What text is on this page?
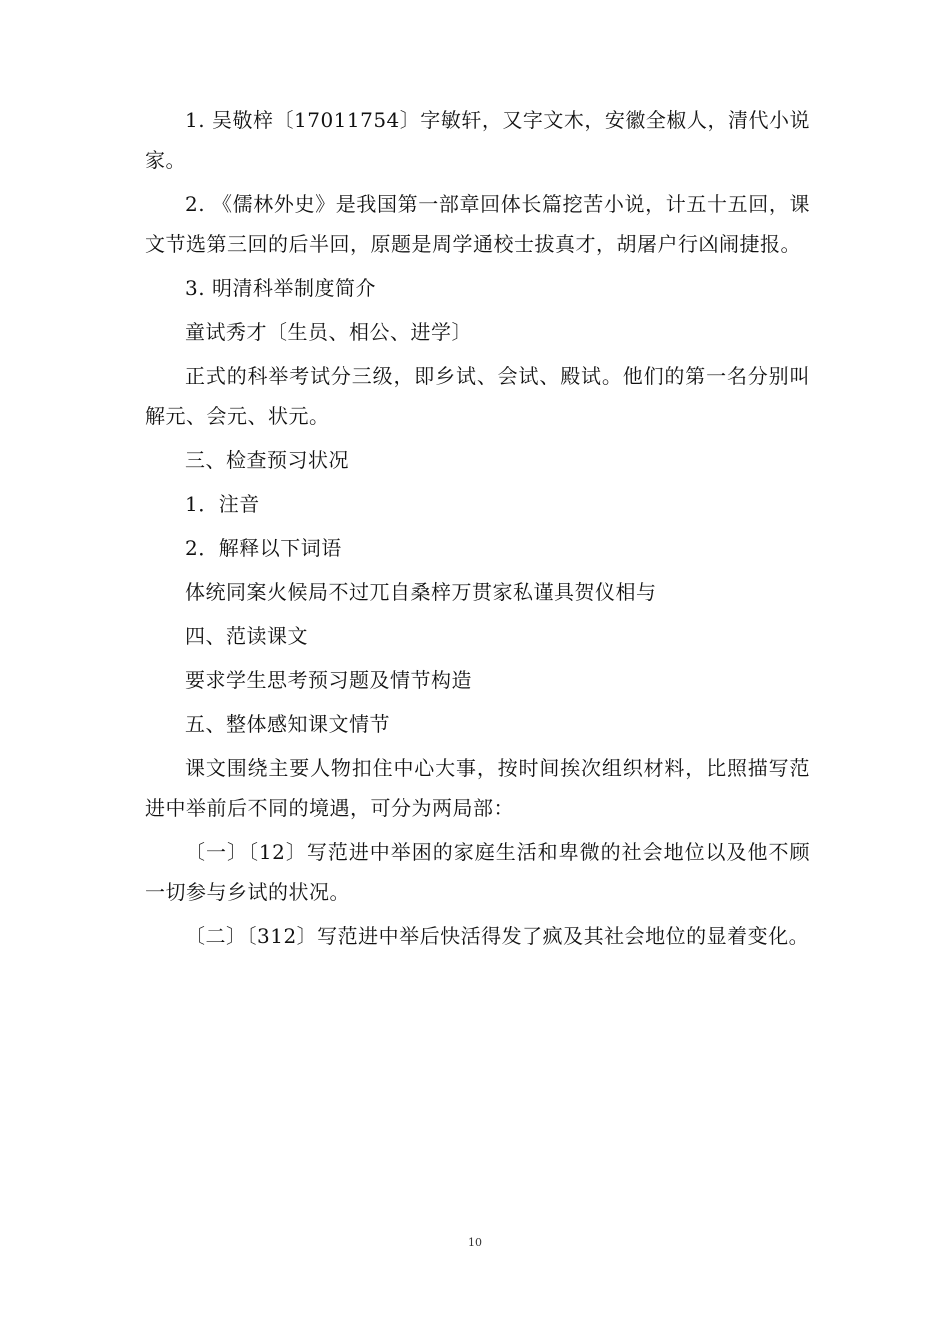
1. 吴敬梓〔17011754〕字敏轩，又字文木，安徽全椒人，清代小说家。

2. 《儒林外史》是我国第一部章回体长篇挖苦小说，计五十五回，课文节选第三回的后半回，原题是周学通校士拔真才，胡屠户行凶闹捷报。

3. 明清科举制度简介

童试秀才〔生员、相公、进学〕

正式的科举考试分三级，即乡试、会试、殿试。他们的第一名分别叫解元、会元、状元。

三、检查预习状况

1．注音

2．解释以下词语

体统同案火候局不过兀自桑梓万贯家私谨具贺仪相与

四、范读课文

要求学生思考预习题及情节构造

五、整体感知课文情节

课文围绕主要人物扣住中心大事，按时间挨次组织材料，比照描写范进中举前后不同的境遇，可分为两局部：

〔一〕〔12〕写范进中举困的家庭生活和卑微的社会地位以及他不顾一切参与乡试的状况。

〔二〕〔312〕写范进中举后快活得发了疯及其社会地位的显着变化。

10
